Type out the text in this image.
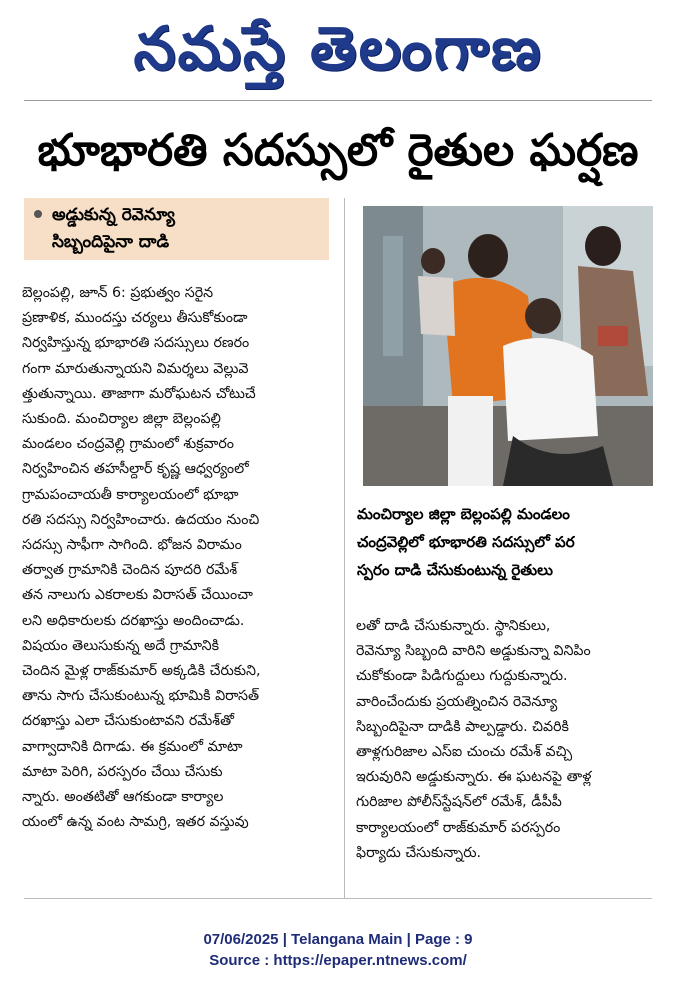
నమస్తే తెలంగాణ
భూభారతి సదస్సులో రైతుల ఘర్షణ
అడ్డుకున్న రెవెన్యూ
సిబ్బందిపైనా దాడి
మంచిర్యాల జిల్లా బెల్లంపల్లి మండలం
చంద్రవెల్లిలో భూభారతి సదస్సులో పర
స్పరం దాడి చేసుకుంటున్న రైతులు
బెల్లంపల్లి, జూన్ 6: ప్రభుత్వం సరైన
ప్రణాళిక, ముందస్తు చర్యలు తీసుకోకుండా
నిర్వహిస్తున్న భూభారతి సదస్సులు రణరం
గంగా మారుతున్నాయని విమర్శలు వెల్లువె
త్తుతున్నాయి. తాజాగా మరోఘటన చోటుచే
సుకుంది. మంచిర్యాల జిల్లా బెల్లంపల్లి
మండలం చంద్రవెల్లి గ్రామంలో శుక్రవారం
నిర్వహించిన తహసీల్దార్ కృష్ణ ఆధ్వర్యంలో
గ్రామపంచాయతీ కార్యాలయంలో భూభా
రతి సదస్సు నిర్వహించారు. ఉదయం నుంచి
సదస్సు సాఫీగా సాగింది. భోజన విరామం
తర్వాత గ్రామానికి చెందిన పూదరి రమేశ్
తన నాలుగు ఎకరాలకు విరాసత్ చేయించా
లని అధికారులకు దరఖాస్తు అందించాడు.
విషయం తెలుసుకున్న అదే గ్రామానికి
చెందిన మైళ్ల రాజ్‌కుమార్ అక్కడికి చేరుకుని,
తాను సాగు చేసుకుంటున్న భూమికి విరాసత్
దరఖాస్తు ఎలా చేసుకుంటావని రమేశ్‌తో
వాగ్వాదానికి దిగాడు. ఈ క్రమంలో మాటా
మాటా పెరిగి, పరస్పరం చేయి చేసుకు
న్నారు. అంతటితో ఆగకుండా కార్యాల
యంలో ఉన్న వంట సామగ్రి, ఇతర వస్తువు
లతో దాడి చేసుకున్నారు. స్థానికులు,
రెవెన్యూ సిబ్బంది వారిని అడ్డుకున్నా వినిపిం
చుకోకుండా పిడిగుద్దులు గుద్దుకున్నారు.
వారించేందుకు ప్రయత్నించిన రెవెన్యూ
సిబ్బందిపైనా దాడికి పాల్పడ్డారు. చివరికి
తాళ్లగురిజాల ఎస్ఐ చుంచు రమేశ్ వచ్చి
ఇరువురిని అడ్డుకున్నారు. ఈ ఘటనపై తాళ్ల
గురిజాల పోలీస్‌స్టేషన్‌లో రమేశ్, డీపీపీ
కార్యాలయంలో రాజ్‌కుమార్ పరస్పరం
ఫిర్యాదు చేసుకున్నారు.
07/06/2025 | Telangana Main | Page : 9
Source : https://epaper.ntnews.com/
